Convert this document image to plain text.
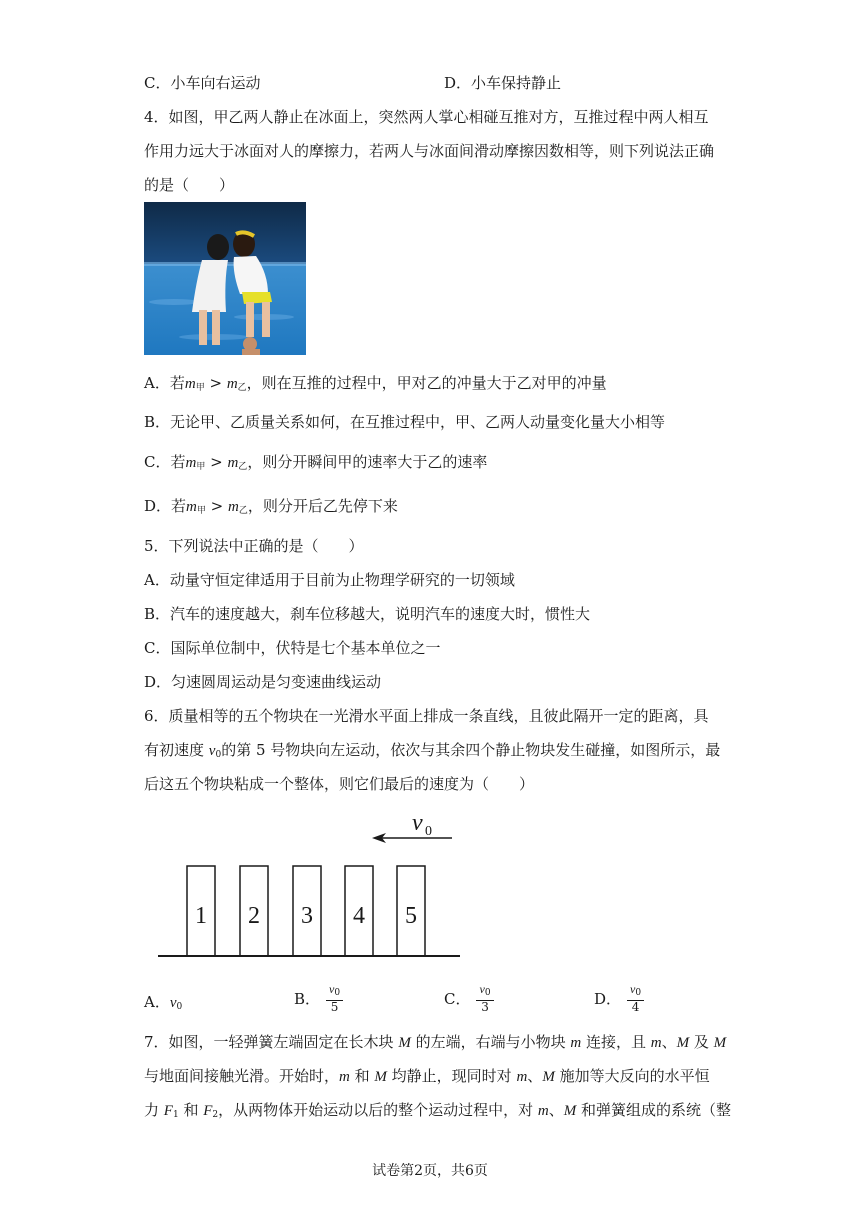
C．小车向右运动	D．小车保持静止
4．如图，甲乙两人静止在冰面上，突然两人掌心相碰互推对方，互推过程中两人相互
作用力远大于冰面对人的摩擦力，若两人与冰面间滑动摩擦因数相等，则下列说法正确
的是（　　）
A．若$m_甲 > m_乙$，则在互推的过程中，甲对乙的冲量大于乙对甲的冲量
B．无论甲、乙质量关系如何，在互推过程中，甲、乙两人动量变化量大小相等
C．若$m_甲 > m_乙$，则分开瞬间甲的速率大于乙的速率
D．若$m_甲 > m_乙$，则分开后乙先停下来
5．下列说法中正确的是（　　）
A．动量守恒定律适用于目前为止物理学研究的一切领域
B．汽车的速度越大，刹车位移越大，说明汽车的速度大时，惯性大
C．国际单位制中，伏特是七个基本单位之一
D．匀速圆周运动是匀变速曲线运动
6．质量相等的五个物块在一光滑水平面上排成一条直线，且彼此隔开一定的距离，具
有初速度 $v_0$的第 5 号物块向左运动，依次与其余四个静止物块发生碰撞，如图所示，最
后这五个物块粘成一个整体，则它们最后的速度为（　　）
v 0
1 2 3 4 5
A．$v_0$	B． $\frac{v_0}{5}$	C． $\frac{v_0}{3}$	D． $\frac{v_0}{4}$
7．如图，一轻弹簧左端固定在长木块 M 的左端，右端与小物块 m 连接，且 m、M 及 M
与地面间接触光滑。开始时，m 和 M 均静止，现同时对 m、M 施加等大反向的水平恒
力 $F_1$ 和 $F_2$，从两物体开始运动以后的整个运动过程中，对 m、M 和弹簧组成的系统（整
试卷第2页，共6页
